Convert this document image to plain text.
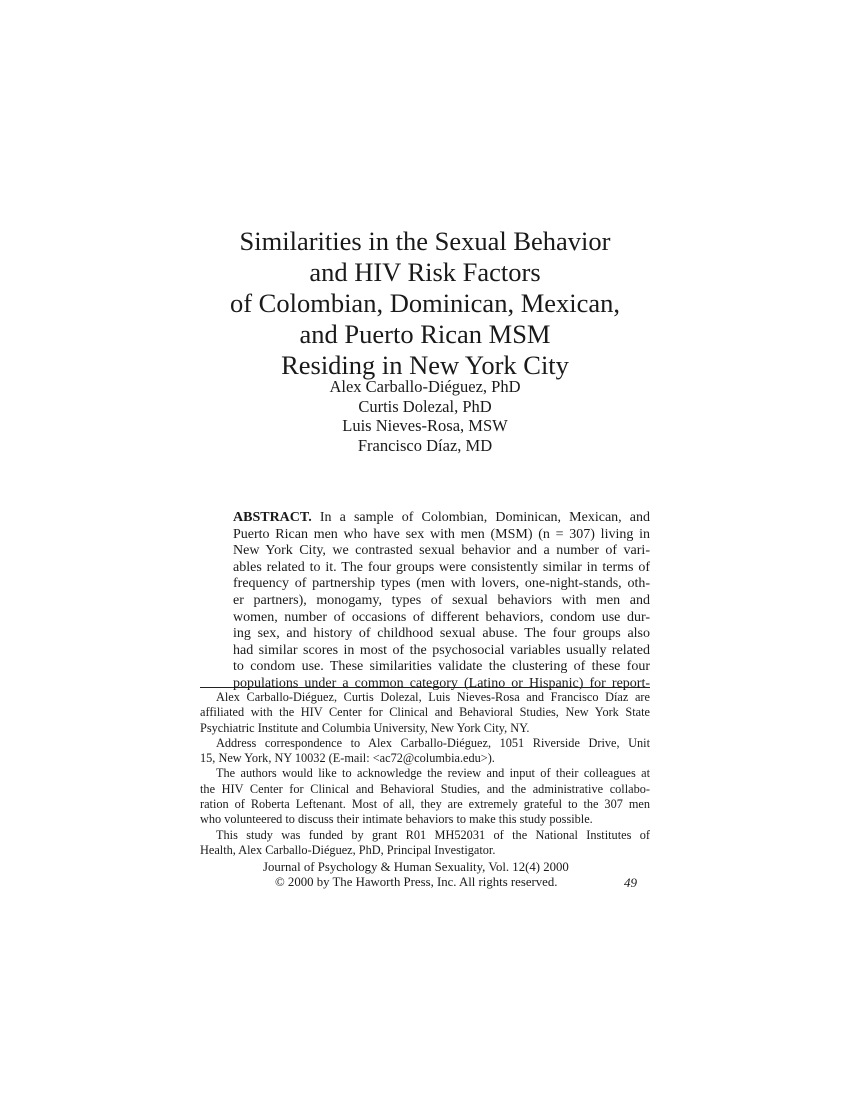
Similarities in the Sexual Behavior
and HIV Risk Factors
of Colombian, Dominican, Mexican,
and Puerto Rican MSM
Residing in New York City
Alex Carballo-Diéguez, PhD
Curtis Dolezal, PhD
Luis Nieves-Rosa, MSW
Francisco Díaz, MD
ABSTRACT. In a sample of Colombian, Dominican, Mexican, and
Puerto Rican men who have sex with men (MSM) (n = 307) living in
New York City, we contrasted sexual behavior and a number of vari-
ables related to it. The four groups were consistently similar in terms of
frequency of partnership types (men with lovers, one-night-stands, oth-
er partners), monogamy, types of sexual behaviors with men and
women, number of occasions of different behaviors, condom use dur-
ing sex, and history of childhood sexual abuse. The four groups also
had similar scores in most of the psychosocial variables usually related
to condom use. These similarities validate the clustering of these four
populations under a common category (Latino or Hispanic) for report-
Alex Carballo-Diéguez, Curtis Dolezal, Luis Nieves-Rosa and Francisco Díaz are
affiliated with the HIV Center for Clinical and Behavioral Studies, New York State
Psychiatric Institute and Columbia University, New York City, NY.
Address correspondence to Alex Carballo-Diéguez, 1051 Riverside Drive, Unit
15, New York, NY 10032 (E-mail: <ac72@columbia.edu>).
The authors would like to acknowledge the review and input of their colleagues at
the HIV Center for Clinical and Behavioral Studies, and the administrative collabo-
ration of Roberta Leftenant. Most of all, they are extremely grateful to the 307 men
who volunteered to discuss their intimate behaviors to make this study possible.
This study was funded by grant R01 MH52031 of the National Institutes of
Health, Alex Carballo-Diéguez, PhD, Principal Investigator.
Journal of Psychology & Human Sexuality, Vol. 12(4) 2000
© 2000 by The Haworth Press, Inc. All rights reserved.	49
